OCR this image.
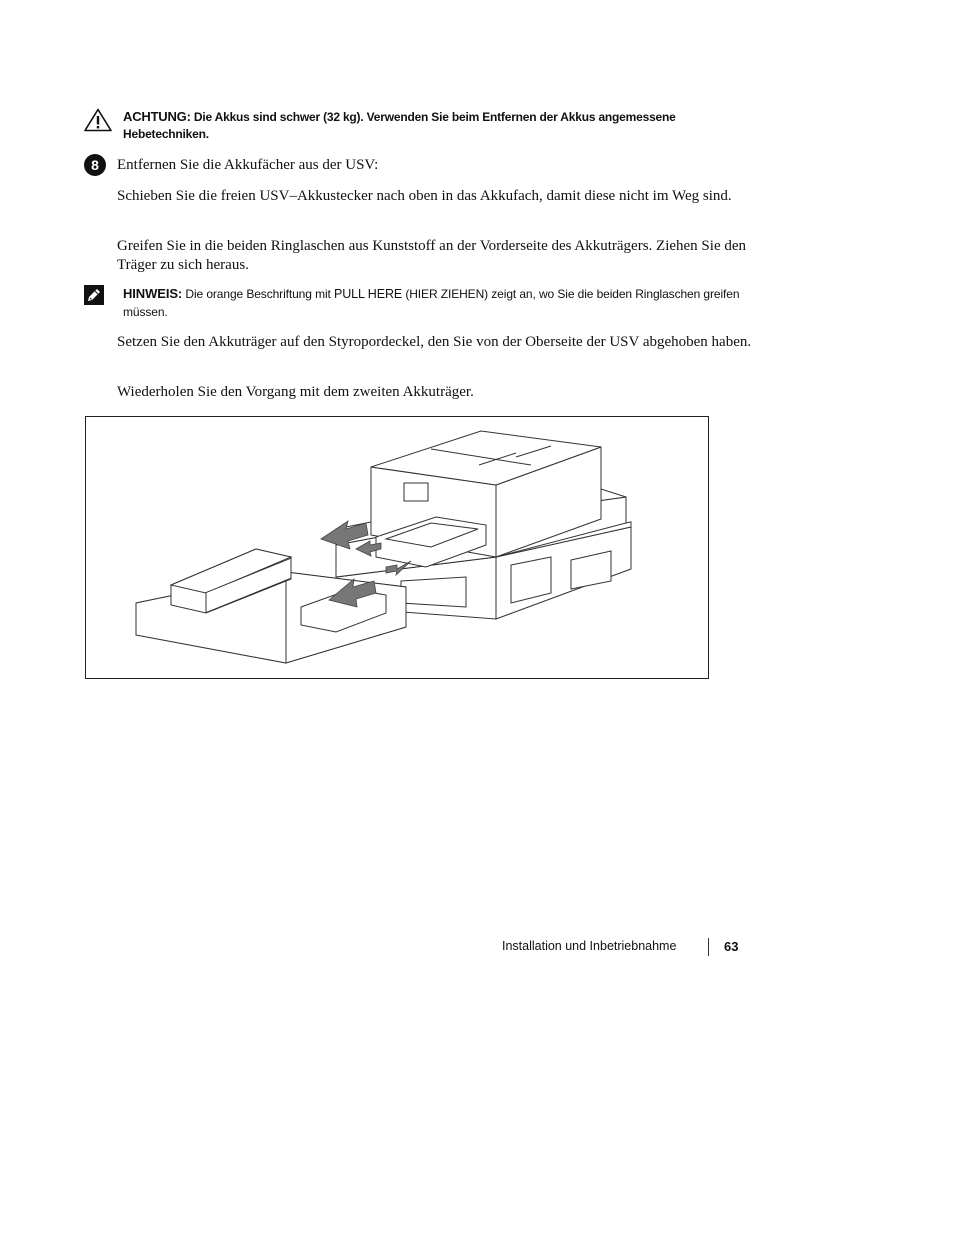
ACHTUNG: Die Akkus sind schwer (32 kg). Verwenden Sie beim Entfernen der Akkus angemessene Hebetechniken.
8	Entfernen Sie die Akkufächer aus der USV:
Schieben Sie die freien USV–Akkustecker nach oben in das Akkufach, damit diese nicht im Weg sind.
Greifen Sie in die beiden Ringlaschen aus Kunststoff an der Vorderseite des Akkuträgers. Ziehen Sie den Träger zu sich heraus.
HINWEIS: Die orange Beschriftung mit PULL HERE (HIER ZIEHEN) zeigt an, wo Sie die beiden Ringlaschen greifen müssen.
Setzen Sie den Akkuträger auf den Styropordeckel, den Sie von der Oberseite der USV abgehoben haben.
Wiederholen Sie den Vorgang mit dem zweiten Akkuträger.
Installation und Inbetriebnahme	63
